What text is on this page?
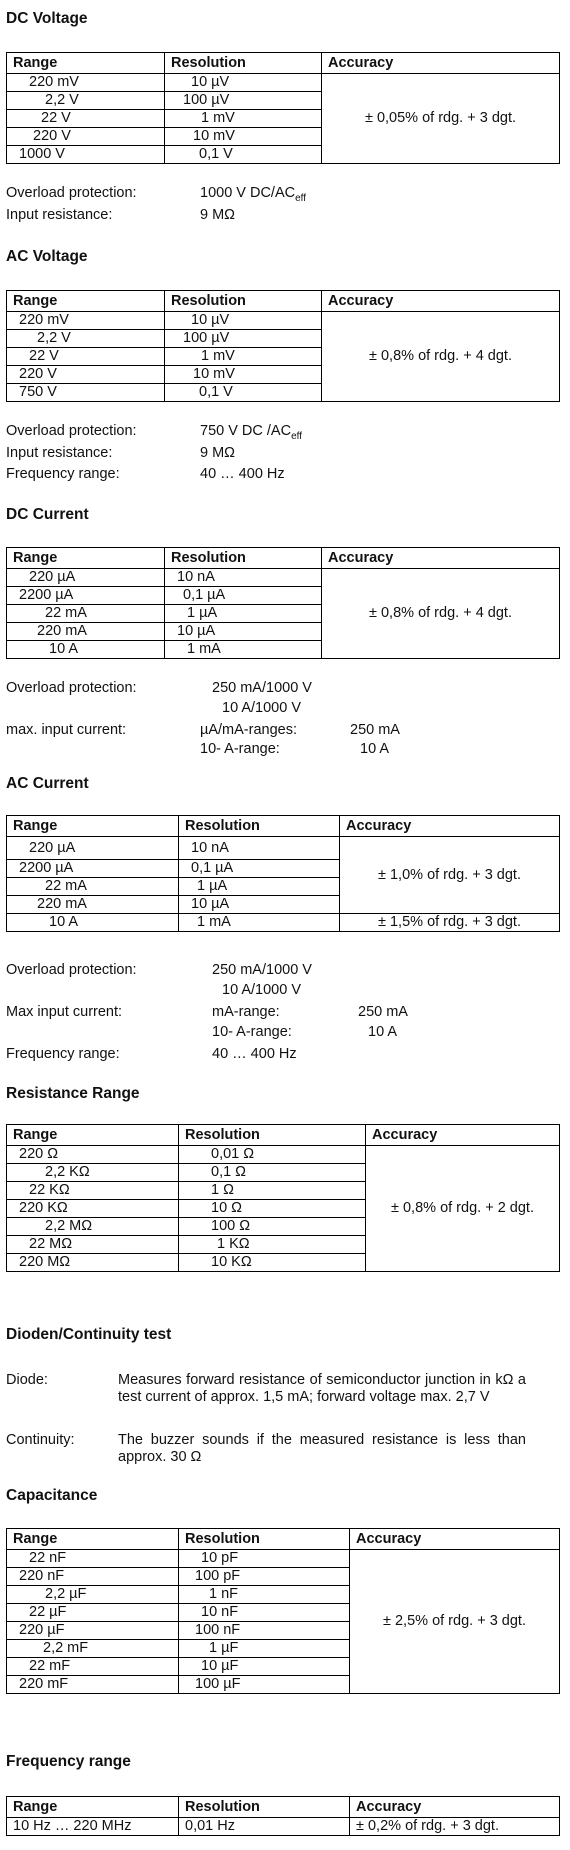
DC Voltage
Range	Resolution	Accuracy
220 mV	10 µV	± 0,05% of rdg. + 3 dgt.
2,2 V	100 µV	
22 V	1 mV	
220 V	10 mV	
1000 V	0,1 V	
Overload protection:	1000 V $DC/AC_{eff}$
Input resistance:	9 MΩ
AC Voltage
Range	Resolution	Accuracy
220 mV	10 µV	± 0,8% of rdg. + 4 dgt.
2,2 V	100 µV	
22 V	1 mV	
220 V	10 mV	
750 V	0,1 V	
Overload protection:	750 V DC $/AC_{eff}$
Input resistance:	9 MΩ
Frequency range:	40 … 400 Hz
DC Current
Range	Resolution	Accuracy
220 µA	10 nA	± 0,8% of rdg. + 4 dgt.
2200 µA	0,1 µA	
22 mA	1 µA	
220 mA	10 µA	
10 A	1 mA	
Overload protection:	250 mA/1000 V
10 A/1000 V
max. input current:	µA/mA-ranges:	250 mA
10- A-range:	10 A
AC Current
Range	Resolution	Accuracy
220 µA	10 nA	± 1,0% of rdg. + 3 dgt.
2200 µA	0,1 µA	
22 mA	1 µA	
220 mA	10 µA	
10 A	1 mA	± 1,5% of rdg. + 3 dgt.
Overload protection:	250 mA/1000 V
10 A/1000 V
Max input current:	mA-range:	250 mA
10- A-range:	10 A
Frequency range:	40 … 400 Hz
Resistance Range
Range	Resolution	Accuracy
220 Ω	0,01 Ω	± 0,8% of rdg. + 2 dgt.
2,2 KΩ	0,1 Ω	
22 KΩ	1 Ω	
220 KΩ	10 Ω	
2,2 MΩ	100 Ω	
22 MΩ	1 KΩ	
220 MΩ	10 KΩ	
Dioden/Continuity test
Diode:	Measures forward resistance of semiconductor junction in kΩ a test current of approx. 1,5 mA; forward voltage max. 2,7 V
Continuity:	The buzzer sounds if the measured resistance is less than approx. 30 Ω
Capacitance
Range	Resolution	Accuracy
22 nF	10 pF	± 2,5% of rdg. + 3 dgt.
220 nF	100 pF	
2,2 µF	1 nF	
22 µF	10 nF	
220 µF	100 nF	
2,2 mF	1 µF	
22 mF	10 µF	
220 mF	100 µF	
Frequency range
Range	Resolution	Accuracy
10 Hz … 220 MHz	0,01 Hz	± 0,2% of rdg. + 3 dgt.
